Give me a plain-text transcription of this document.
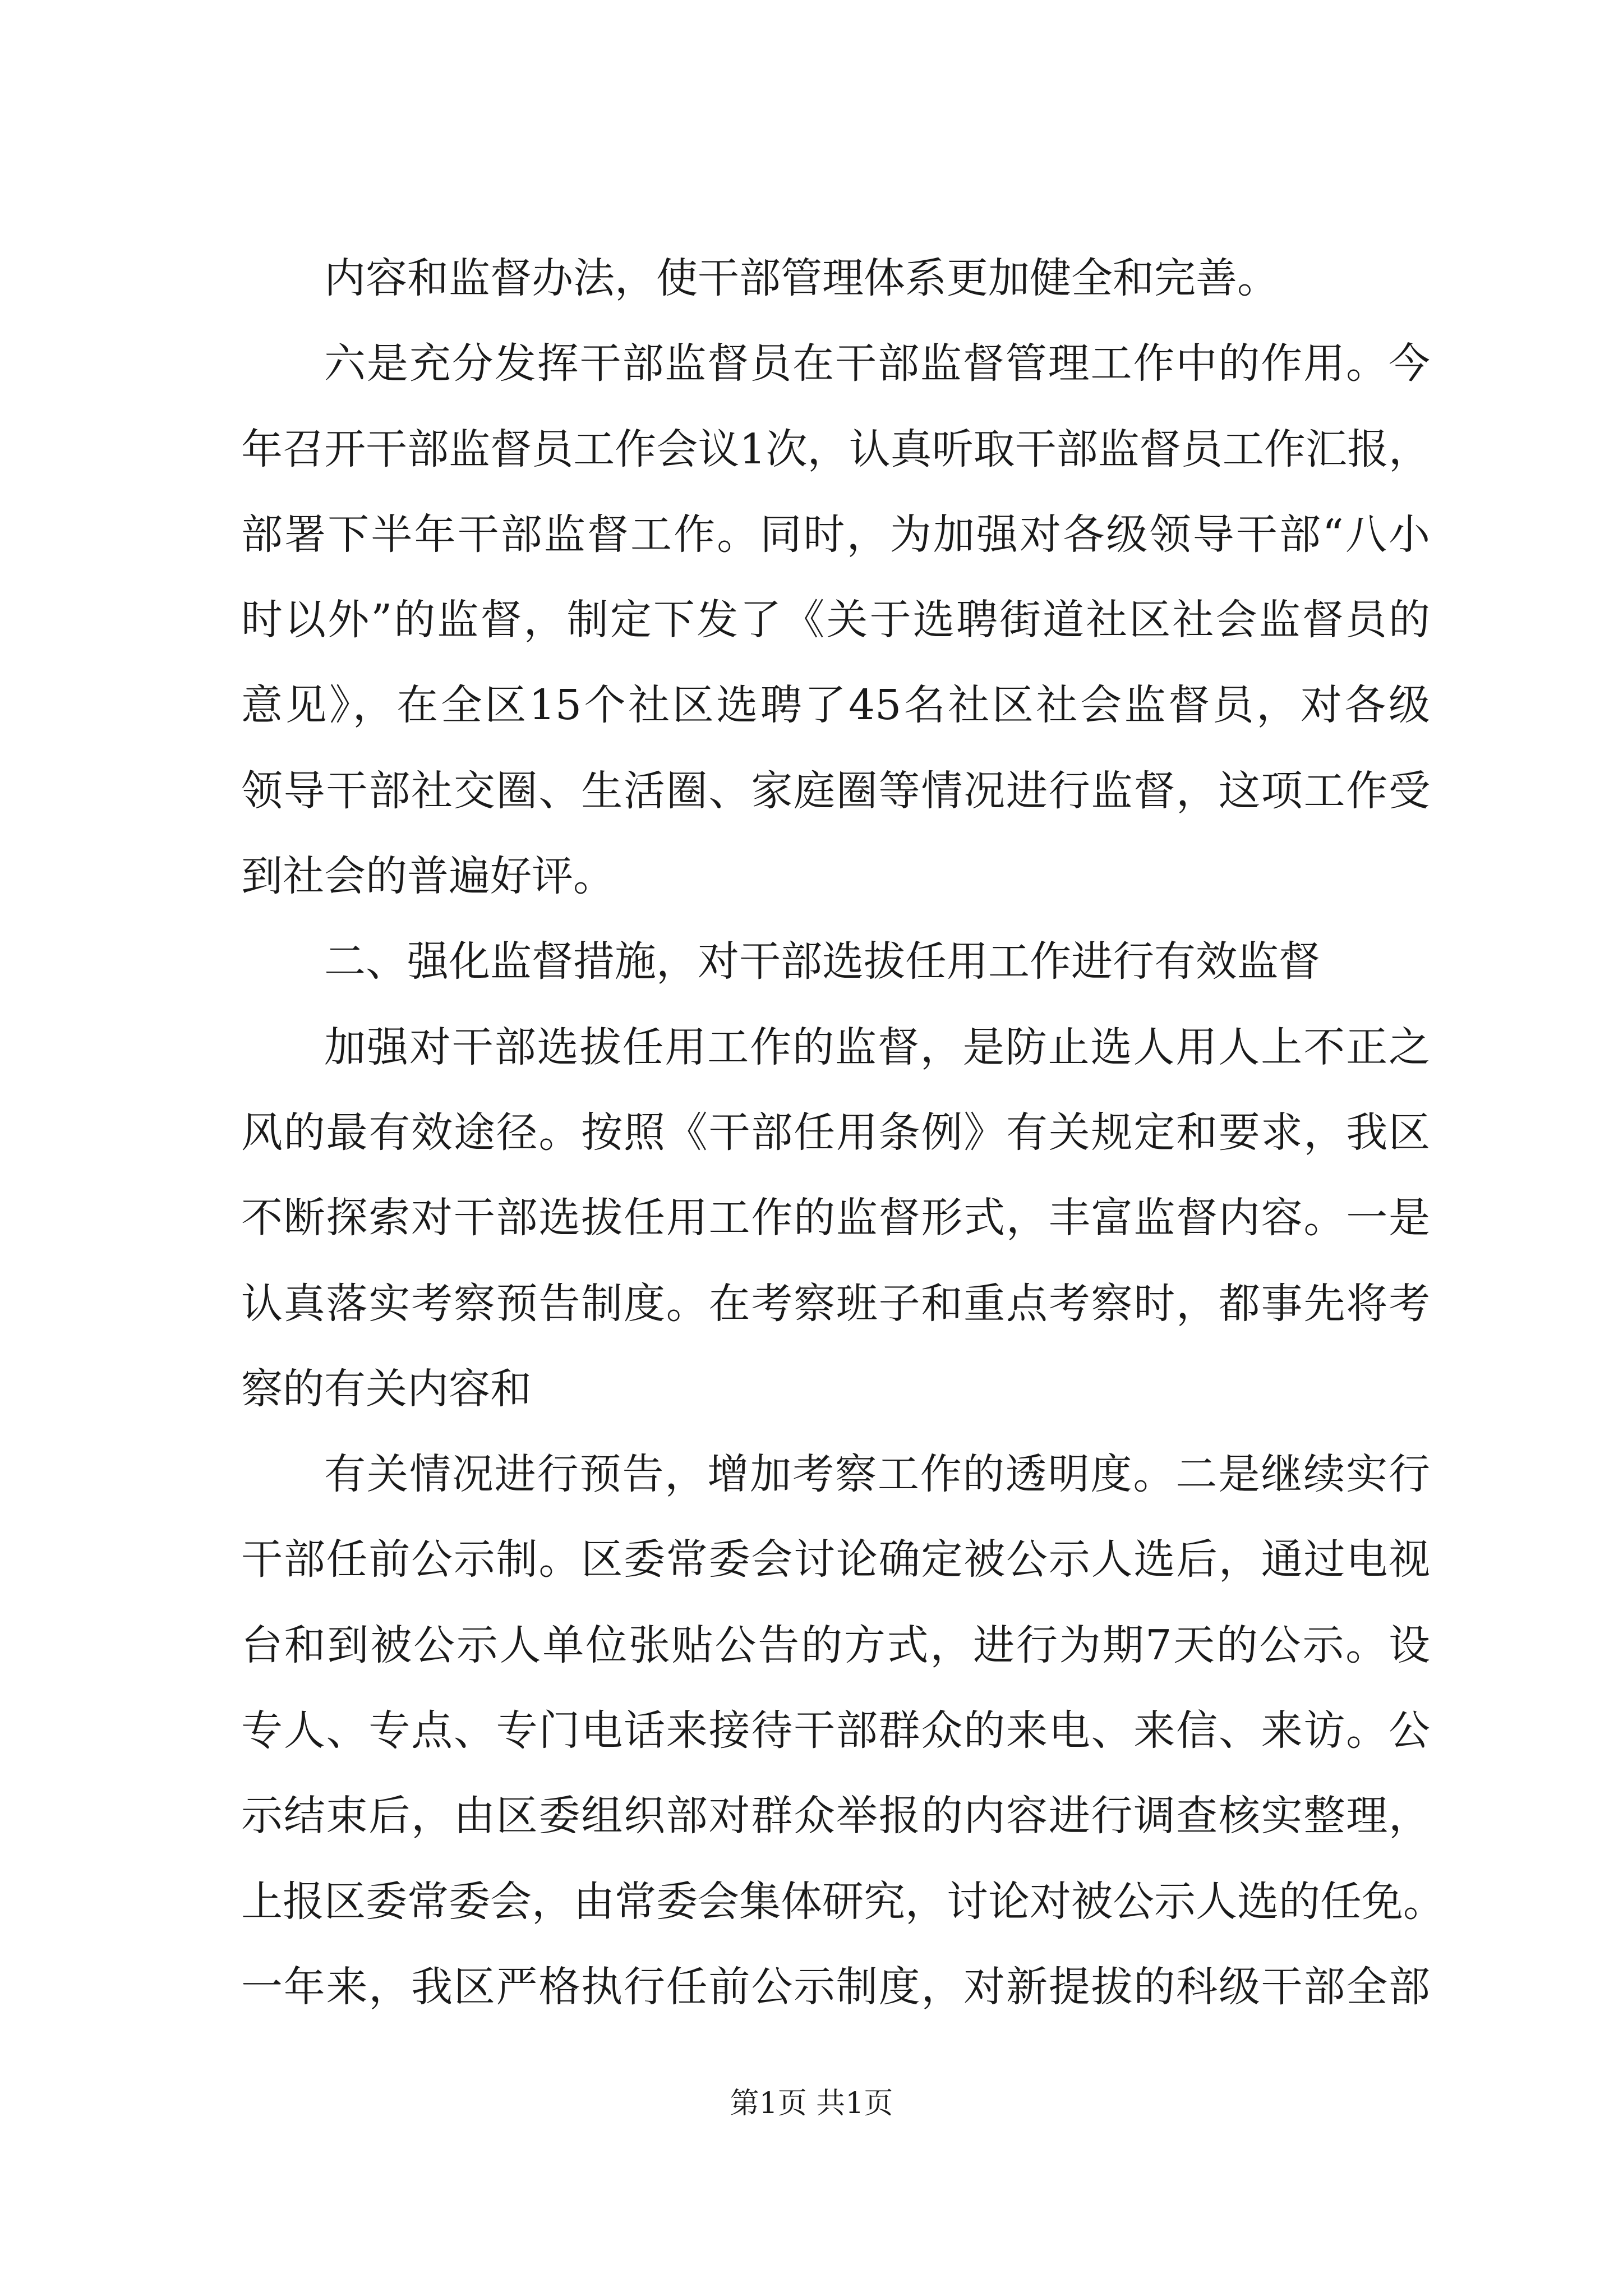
内容和监督办法，使干部管理体系更加健全和完善。
六是充分发挥干部监督员在干部监督管理工作中的作用。今
年召开干部监督员工作会议1次，认真听取干部监督员工作汇报，
部署下半年干部监督工作。同时，为加强对各级领导干部“八小
时以外”的监督，制定下发了《关于选聘街道社区社会监督员的
意见》，在全区15个社区选聘了45名社区社会监督员，对各级
领导干部社交圈、生活圈、家庭圈等情况进行监督，这项工作受
到社会的普遍好评。
二、强化监督措施，对干部选拔任用工作进行有效监督
加强对干部选拔任用工作的监督，是防止选人用人上不正之
风的最有效途径。按照《干部任用条例》有关规定和要求，我区
不断探索对干部选拔任用工作的监督形式，丰富监督内容。一是
认真落实考察预告制度。在考察班子和重点考察时，都事先将考
察的有关内容和
有关情况进行预告，增加考察工作的透明度。二是继续实行
干部任前公示制。区委常委会讨论确定被公示人选后，通过电视
台和到被公示人单位张贴公告的方式，进行为期7天的公示。设
专人、专点、专门电话来接待干部群众的来电、来信、来访。公
示结束后，由区委组织部对群众举报的内容进行调查核实整理，
上报区委常委会，由常委会集体研究，讨论对被公示人选的任免。
一年来，我区严格执行任前公示制度，对新提拔的科级干部全部
第1页 共1页
